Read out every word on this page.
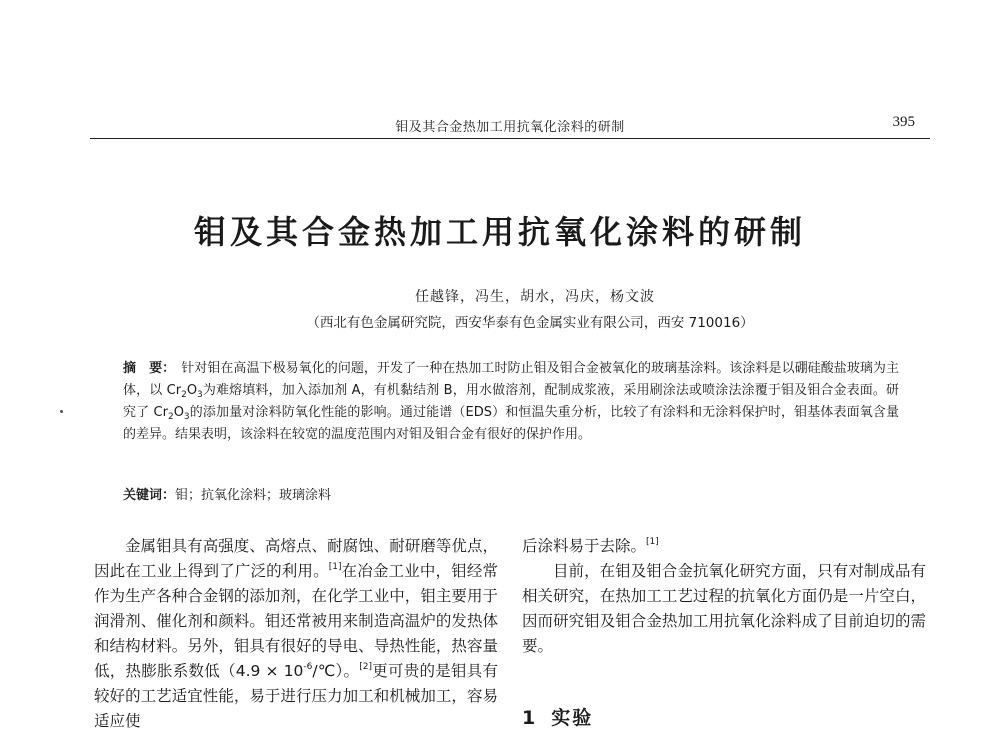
钼及其合金热加工用抗氧化涂料的研制	395
钼及其合金热加工用抗氧化涂料的研制
任越锋，冯生，胡水，冯庆，杨文波
（西北有色金属研究院，西安华泰有色金属实业有限公司，西安 710016）
摘　要： 针对钼在高温下极易氧化的问题，开发了一种在热加工时防止钼及钼合金被氧化的玻璃基涂料。该涂料是以硼硅酸盐玻璃为主体，以 $Cr_2O_3$为难熔填料，加入添加剂 A，有机黏结剂 B，用水做溶剂，配制成浆液，采用刷涂法或喷涂法涂覆于钼及钼合金表面。研究了 $Cr_2O_3$的添加量对涂料防氧化性能的影响。通过能谱（EDS）和恒温失重分析，比较了有涂料和无涂料保护时，钼基体表面氧含量的差异。结果表明，该涂料在较宽的温度范围内对钼及钼合金有很好的保护作用。
关键词：钼；抗氧化涂料；玻璃涂料

金属钼具有高强度、高熔点、耐腐蚀、耐研磨等优点，因此在工业上得到了广泛的利用。[1]在冶金工业中，钼经常作为生产各种合金钢的添加剂，在化学工业中，钼主要用于润滑剂、催化剂和颜料。钼还常被用来制造高温炉的发热体和结构材料。另外，钼具有很好的导电、导热性能，热容量低，热膨胀系数低$(4.9 \times 10^{-6}/℃)$。[2]更可贵的是钼具有较好的工艺适宜性能，易于进行压力加工和机械加工，容易适应使

后涂料易于去除。[1]

目前，在钼及钼合金抗氧化研究方面，只有对制成品有相关研究，在热加工工艺过程的抗氧化方面仍是一片空白，因而研究钼及钼合金热加工用抗氧化涂料成了目前迫切的需要。

1 实验
